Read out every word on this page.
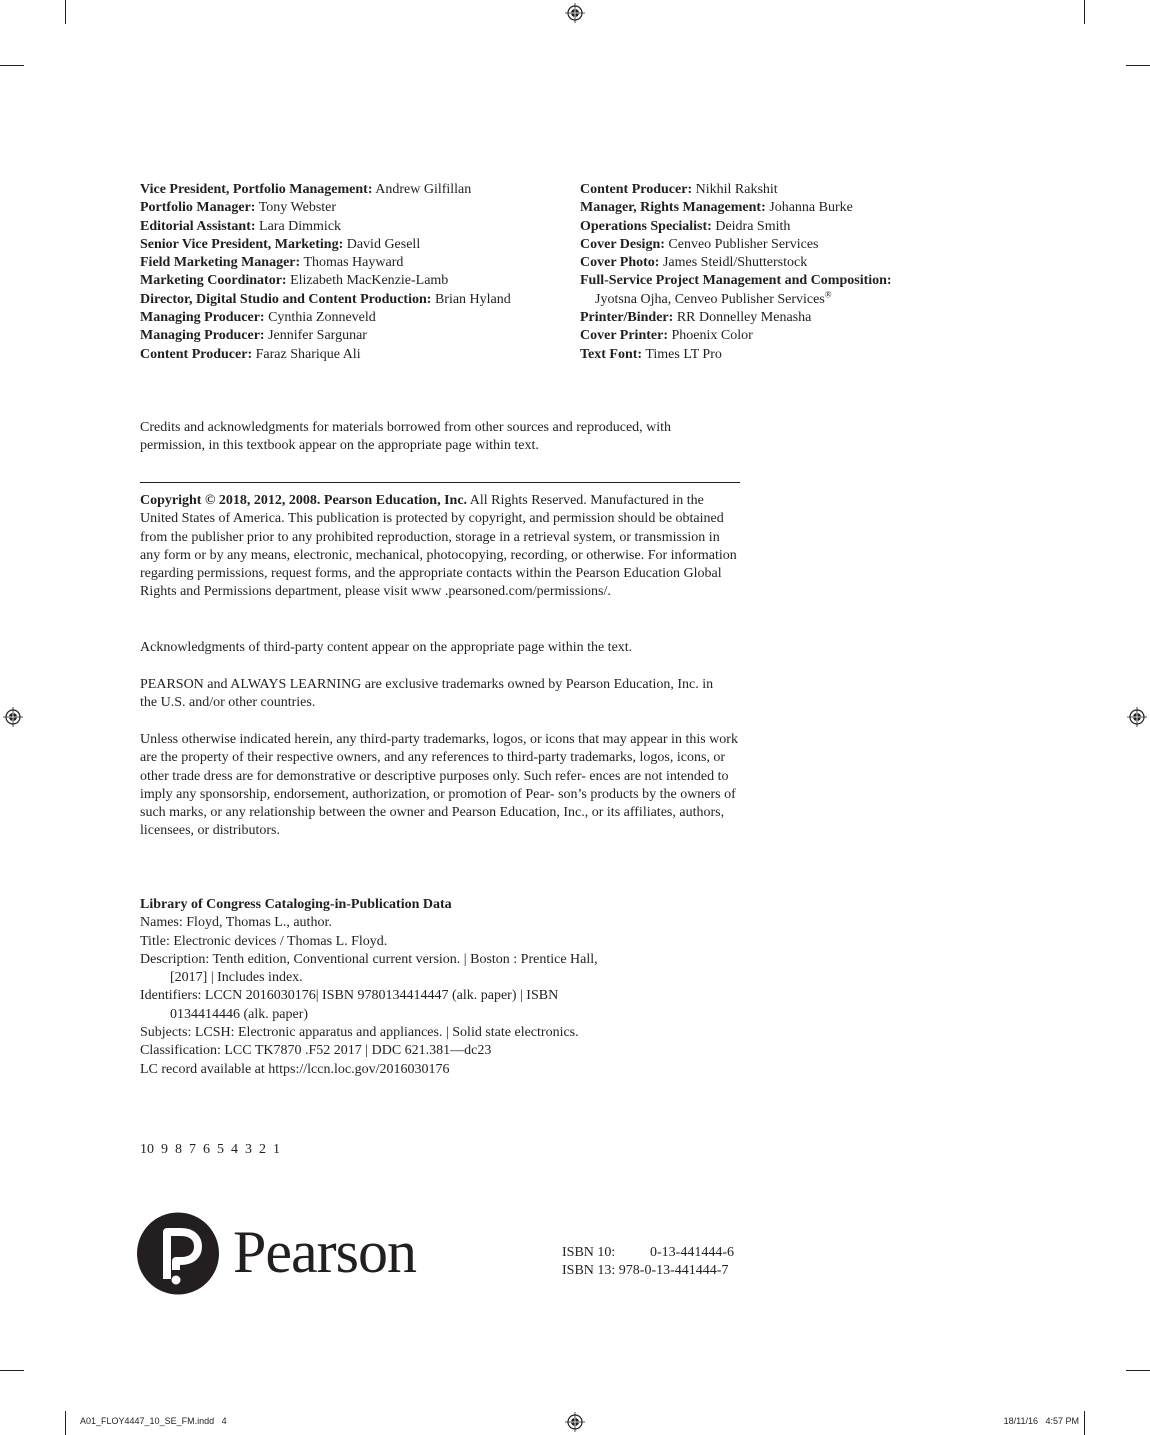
Vice President, Portfolio Management: Andrew Gilfillan
Portfolio Manager: Tony Webster
Editorial Assistant: Lara Dimmick
Senior Vice President, Marketing: David Gesell
Field Marketing Manager: Thomas Hayward
Marketing Coordinator: Elizabeth MacKenzie-Lamb
Director, Digital Studio and Content Production: Brian Hyland
Managing Producer: Cynthia Zonneveld
Managing Producer: Jennifer Sargunar
Content Producer: Faraz Sharique Ali
Content Producer: Nikhil Rakshit
Manager, Rights Management: Johanna Burke
Operations Specialist: Deidra Smith
Cover Design: Cenveo Publisher Services
Cover Photo: James Steidl/Shutterstock
Full-Service Project Management and Composition:
Jyotsna Ojha, Cenveo Publisher Services®
Printer/Binder: RR Donnelley Menasha
Cover Printer: Phoenix Color
Text Font: Times LT Pro
Credits and acknowledgments for materials borrowed from other sources and reproduced, with permission, in this textbook appear on the appropriate page within text.
Copyright © 2018, 2012, 2008. Pearson Education, Inc. All Rights Reserved. Manufactured in the United States of America. This publication is protected by copyright, and permission should be obtained from the publisher prior to any prohibited reproduction, storage in a retrieval system, or transmission in any form or by any means, electronic, mechanical, photocopying, recording, or otherwise. For information regarding permissions, request forms, and the appropriate contacts within the Pearson Education Global Rights and Permissions department, please visit www .pearsoned.com/permissions/.
Acknowledgments of third-party content appear on the appropriate page within the text.
PEARSON and ALWAYS LEARNING are exclusive trademarks owned by Pearson Education, Inc. in the U.S. and/or other countries.
Unless otherwise indicated herein, any third-party trademarks, logos, or icons that may appear in this work are the property of their respective owners, and any references to third-party trademarks, logos, icons, or other trade dress are for demonstrative or descriptive purposes only. Such refer- ences are not intended to imply any sponsorship, endorsement, authorization, or promotion of Pear- son’s products by the owners of such marks, or any relationship between the owner and Pearson Education, Inc., or its affiliates, authors, licensees, or distributors.
Library of Congress Cataloging-in-Publication Data
Names: Floyd, Thomas L., author.
Title: Electronic devices / Thomas L. Floyd.
Description: Tenth edition, Conventional current version. | Boston : Prentice Hall, [2017] | Includes index.
Identifiers: LCCN 2016030176| ISBN 9780134414447 (alk. paper) | ISBN 0134414446 (alk. paper)
Subjects: LCSH: Electronic apparatus and appliances. | Solid state electronics.
Classification: LCC TK7870 .F52 2017 | DDC 621.381—dc23
LC record available at https://lccn.loc.gov/2016030176
10  9  8  7  6  5  4  3  2  1
Pearson	ISBN 10: 0-13-441444-6
ISBN 13: 978-0-13-441444-7
A01_FLOY4447_10_SE_FM.indd   4	18/11/16   4:57 PM
